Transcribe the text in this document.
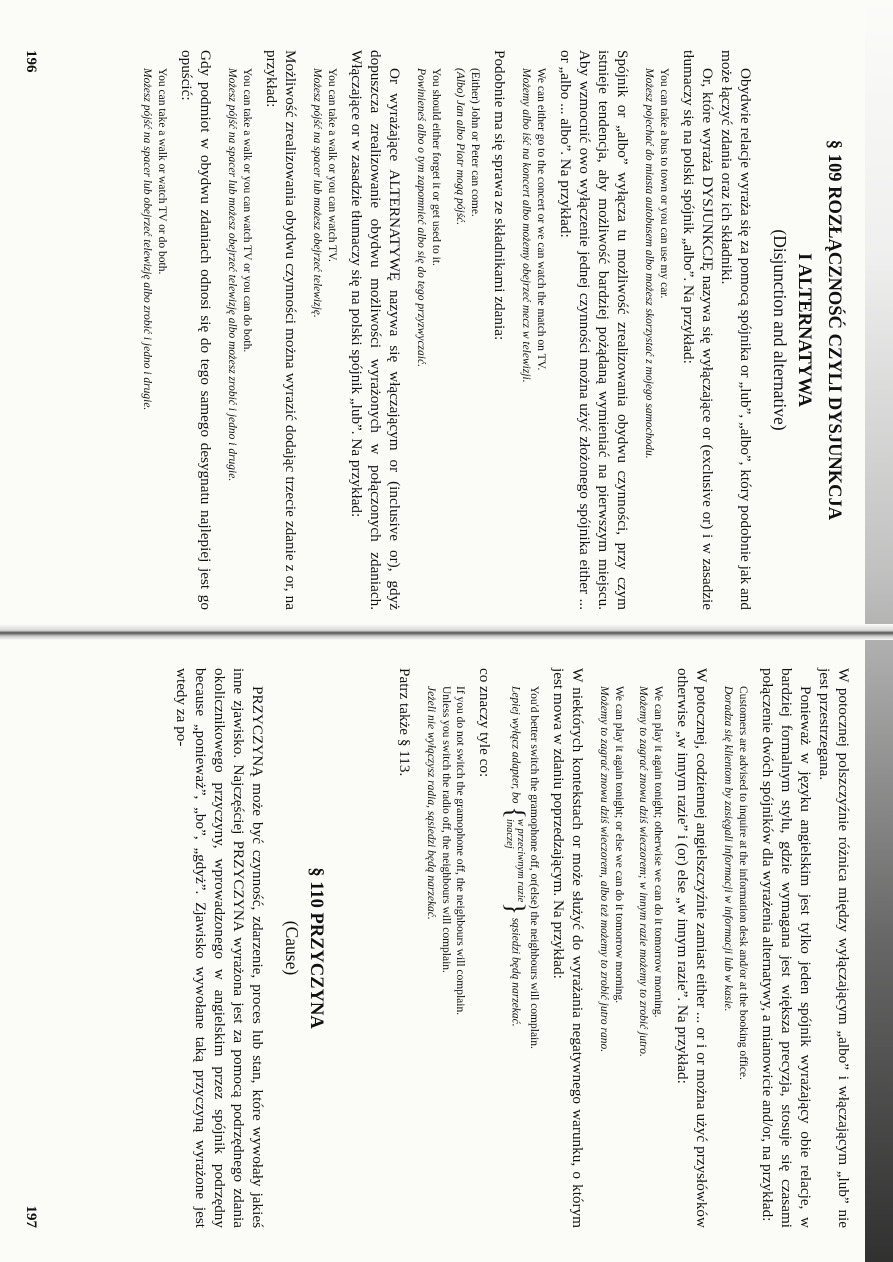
§ 109 ROZŁĄCZNOŚĆ CZYLI DYSJUNKCJA
I ALTERNATYWA
(Disjunction and alternative)

Obydwie relacje wyraża się za pomocą spójnika or „lub”, „albo”, który podobnie jak and może łączyć zdania oraz ich składniki.

Or, które wyraża DYSJUNKCJĘ nazywa się wyłączające or (exclusive or) i w zasadzie tłumaczy się na polski spójnik „albo”. Na przykład:

You can take a bus to town or you can use my car.
Możesz pojechać do miasta autobusem albo możesz skorzystać z mojego samochodu.

Spójnik or „albo” wyłącza tu możliwość zrealizowania obydwu czynności, przy czym istnieje tendencja, aby możliwość bardziej pożądaną wymieniać na pierwszym miejscu. Aby wzmocnić owo wyłączenie jednej czynności można użyć złożonego spójnika either ... or „albo ... albo”. Na przykład:

We can either go to the concert or we can watch the match on TV.
Możemy albo iść na koncert albo możemy obejrzeć mecz w telewizji.

Podobnie ma się sprawa ze składnikami zdania:

(Either) John or Peter can come.
(Albo) Jan albo Piotr mogą pójść.
You should either forget it or get used to it.
Powinieneś albo o tym zapomnieć albo się do tego przyzwyczaić.

Or wyrażające ALTERNATYWĘ nazywa się włączającym or (inclusive or), gdyż dopuszcza zrealizowanie obydwu możliwości wyrażonych w połączonych zdaniach. Włączające or w zasadzie tłumaczy się na polski spójnik „lub”. Na przykład:

You can take a walk or you can watch TV.
Możesz pójść na spacer lub możesz obejrzeć telewizję.

Możliwość zrealizowania obydwu czynności można wyrazić dodając trzecie zdanie z or, na przykład:

You can take a walk or you can watch TV or you can do both.
Możesz pójść na spacer lub możesz obejrzeć telewizję albo możesz zrobić i jedno i drugie.

Gdy podmiot w obydwu zdaniach odnosi się do tego samego desygnatu najlepiej jest go opuścić:

You can take a walk or watch TV or do both.
Możesz pójść na spacer lub obejrzeć telewizję albo zrobić i jedno i drugie.
196

W potocznej polszczyźnie różnica między wyłączającym „albo” i włączającym „lub” nie jest przestrzegana.

Ponieważ w języku angielskim jest tylko jeden spójnik wyrażający obie relacje, w bardziej formalnym stylu, gdzie wymagana jest większa precyzja, stosuje się czasami połączenie dwóch spójników dla wyrażenia alternatywy, a mianowicie and/or, na przykład:

Customers are advised to inquire at the information desk and/or at the booking office.
Doradza się klientom by zasięgali informacji w informacji lub w kasie.

W potocznej, codziennej angielszczyźnie zamiast either ... or i or można użyć przysłówków otherwise „w innym razie” i (or) else „w innym razie”. Na przykład:

We can play it again tonight; otherwise we can do it tomorrow morning.
Możemy to zagrać znowu dziś wieczorem; w innym razie możemy to zrobić jutro.
We can play it again tonight; or else we can do it tomorrow morning.
Możemy to zagrać znowu dziś wieczorem, albo też możemy to zrobić jutro rano.

W niektórych kontekstach or może służyć do wyrażania negatywnego warunku, o którym jest mowa w zdaniu poprzedzającym. Na przykład:

You'd better switch the gramophone off, or(else) the neighbours will complain.
Lepiej wyłącz adapter, bo
{
w przeciwnym razie
inaczej
}
sąsiedzi będą narzekać.

co znaczy tyle co:

If you do not switch the gramophone off, the neighbours will complain.
Unless you switch the radio off, the neighbours will complain.
Jeżeli nie wyłączysz radia, sąsiedzi będą narzekać.

Patrz także § 113.

§ 110 PRZYCZYNA
(Cause)

PRZYCZYNĄ może być czynność, zdarzenie, proces lub stan, które wywołały jakieś inne zjawisko. Najczęściej PRZYCZYNA wyrażona jest za pomocą podrzędnego zdania okolicznikowego przyczyny, wprowadzonego w angielskim przez spójnik podrzędny because „ponieważ”, „bo”, „gdyż”. Zjawisko wywołane taką przyczyną wyrażone jest wtedy za po-

197
